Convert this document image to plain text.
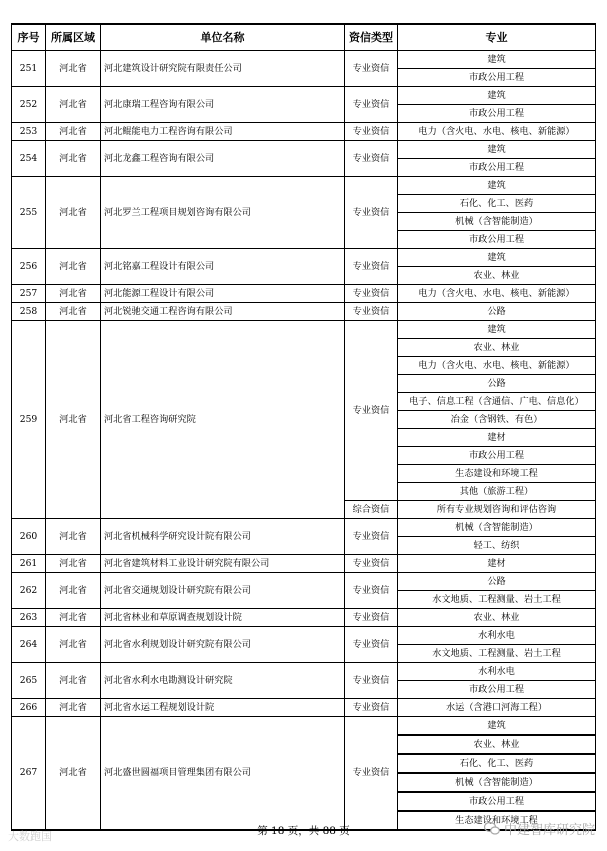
序号	所属区域	单位名称	资信类型	专业
251	河北省	河北建筑设计研究院有限责任公司	专业资信	建筑
				市政公用工程
252	河北省	河北康瑞工程咨询有限公司	专业资信	建筑
				市政公用工程
253	河北省	河北鲲能电力工程咨询有限公司	专业资信	电力（含火电、水电、核电、新能源）
254	河北省	河北龙鑫工程咨询有限公司	专业资信	建筑
				市政公用工程
255	河北省	河北罗兰工程项目规划咨询有限公司	专业资信	建筑
				石化、化工、医药
				机械（含智能制造）
				市政公用工程
256	河北省	河北铭嘉工程设计有限公司	专业资信	建筑
				农业、林业
257	河北省	河北能源工程设计有限公司	专业资信	电力（含火电、水电、核电、新能源）
258	河北省	河北锐驰交通工程咨询有限公司	专业资信	公路
259	河北省	河北省工程咨询研究院	专业资信	建筑
				农业、林业
				电力（含火电、水电、核电、新能源）
				公路
				电子、信息工程（含通信、广电、信息化）
				冶金（含钢铁、有色）
				建材
				市政公用工程
				生态建设和环境工程
				其他（旅游工程）
			综合资信	所有专业规划咨询和评估咨询
260	河北省	河北省机械科学研究设计院有限公司	专业资信	机械（含智能制造）
				轻工、纺织
261	河北省	河北省建筑材料工业设计研究院有限公司	专业资信	建材
262	河北省	河北省交通规划设计研究院有限公司	专业资信	公路
				水文地质、工程测量、岩土工程
263	河北省	河北省林业和草原调查规划设计院	专业资信	农业、林业
264	河北省	河北省水利规划设计研究院有限公司	专业资信	水利水电
				水文地质、工程测量、岩土工程
265	河北省	河北省水利水电勘测设计研究院	专业资信	水利水电
				市政公用工程
266	河北省	河北省水运工程规划设计院	专业资信	水运（含港口河海工程）
267	河北省	河北盛世圆福项目管理集团有限公司	专业资信	建筑
				农业、林业
				石化、化工、医药
				机械（含智能制造）
				市政公用工程
				生态建设和环境工程
第 18 页，共 88 页
大数跑国	中建智库研究院
